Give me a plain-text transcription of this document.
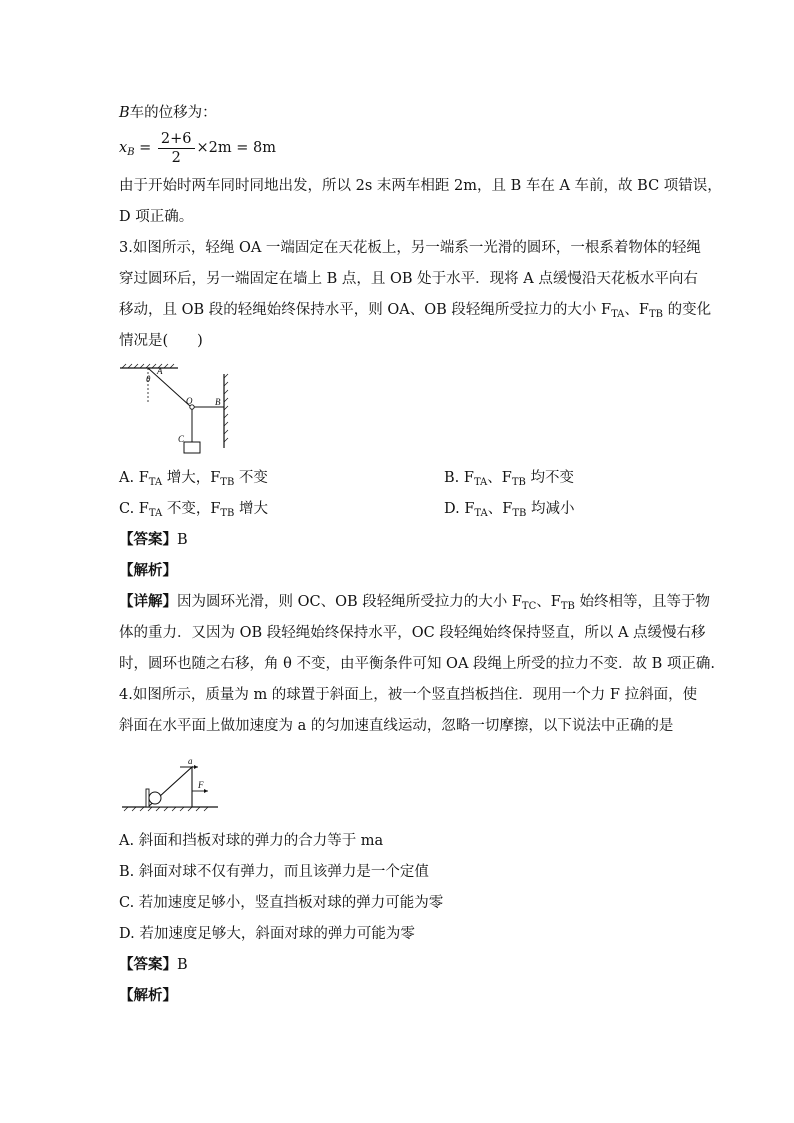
B车的位移为：
$x_B = \frac{2+6}{2} \times 2m = 8m$
由于开始时两车同时同地出发，所以 2s 末两车相距 2m，且 B 车在 A 车前，故 BC 项错误，
D 项正确。
3.如图所示，轻绳 OA 一端固定在天花板上，另一端系一光滑的圆环，一根系着物体的轻绳
穿过圆环后，另一端固定在墙上 B 点，且 OB 处于水平．现将 A 点缓慢沿天花板水平向右
移动，且 OB 段的轻绳始终保持水平，则 OA、OB 段轻绳所受拉力的大小 $F_{TA}$、$F_{TB}$ 的变化
情况是(　　)
A
θ
O	B
C
A. $F_{TA}$ 增大，$F_{TB}$ 不变	B. $F_{TA}$、$F_{TB}$ 均不变
C. $F_{TA}$ 不变，$F_{TB}$ 增大	D. $F_{TA}$、$F_{TB}$ 均减小
【答案】B
【解析】
【详解】因为圆环光滑，则 OC、OB 段轻绳所受拉力的大小 $F_{TC}$、$F_{TB}$ 始终相等，且等于物
体的重力．又因为 OB 段轻绳始终保持水平，OC 段轻绳始终保持竖直，所以 A 点缓慢右移
时，圆环也随之右移，角 θ 不变，由平衡条件可知 OA 段绳上所受的拉力不变．故 B 项正确.
4.如图所示，质量为 m 的球置于斜面上，被一个竖直挡板挡住．现用一个力 F 拉斜面，使
斜面在水平面上做加速度为 a 的匀加速直线运动，忽略一切摩擦，以下说法中正确的是
a
F
A. 斜面和挡板对球的弹力的合力等于 ma
B. 斜面对球不仅有弹力，而且该弹力是一个定值
C. 若加速度足够小，竖直挡板对球的弹力可能为零
D. 若加速度足够大，斜面对球的弹力可能为零
【答案】B
【解析】
